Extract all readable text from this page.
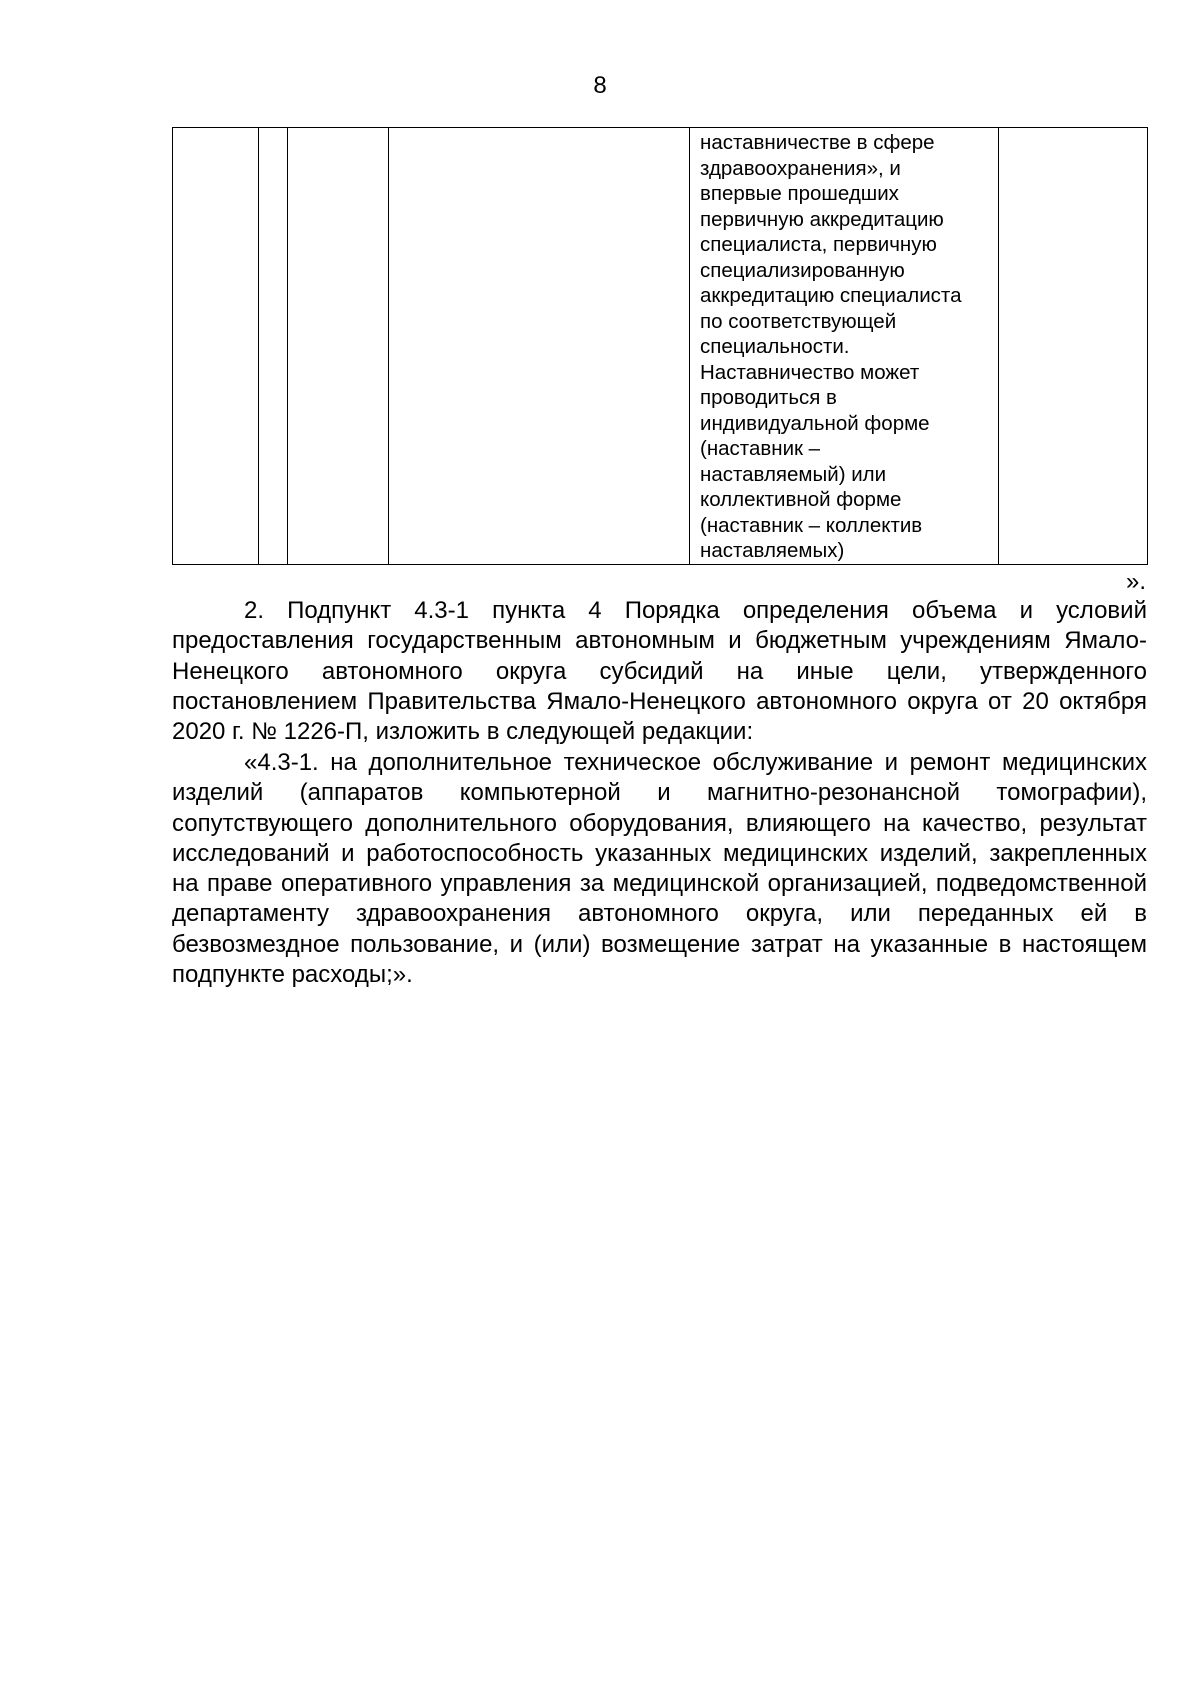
8

наставничестве в сфере
здравоохранения», и
впервые прошедших
первичную аккредитацию
специалиста, первичную
специализированную
аккредитацию специалиста
по соответствующей
специальности.
Наставничество может
проводиться в
индивидуальной форме
(наставник –
наставляемый) или
коллективной форме
(наставник – коллектив
наставляемых)

».

2. Подпункт 4.3-1 пункта 4 Порядка определения объема и условий предоставления государственным автономным и бюджетным учреждениям Ямало-Ненецкого автономного округа субсидий на иные цели, утвержденного постановлением Правительства Ямало-Ненецкого автономного округа от 20 октября 2020 г. № 1226-П, изложить в следующей редакции:

«4.3-1. на дополнительное техническое обслуживание и ремонт медицинских изделий (аппаратов компьютерной и магнитно-резонансной томографии), сопутствующего дополнительного оборудования, влияющего на качество, результат исследований и работоспособность указанных медицинских изделий, закрепленных на праве оперативного управления за медицинской организацией, подведомственной департаменту здравоохранения автономного округа, или переданных ей в безвозмездное пользование, и (или) возмещение затрат на указанные в настоящем подпункте расходы;».
